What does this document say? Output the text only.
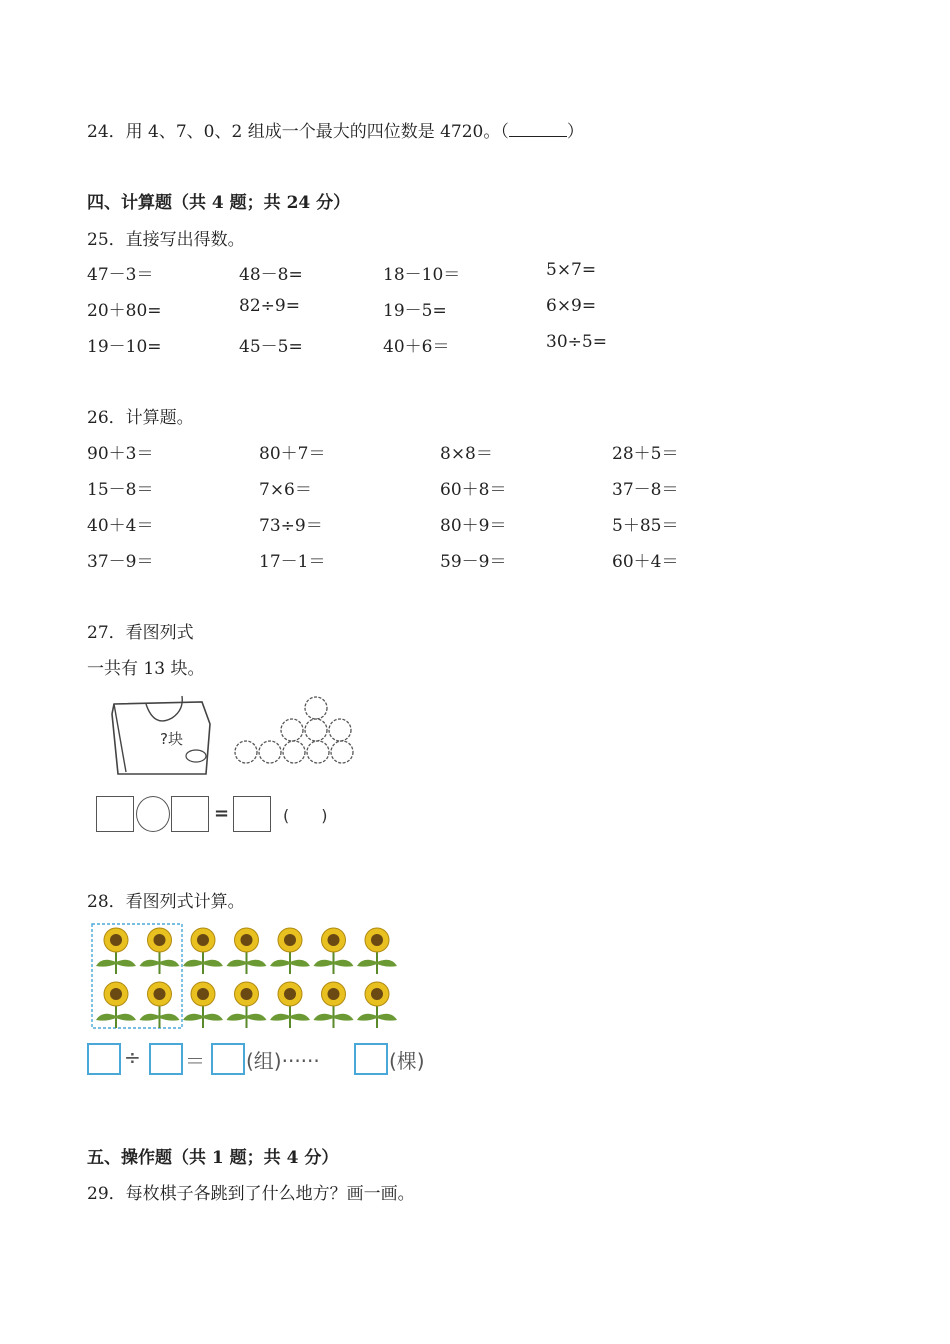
24．用 4、7、0、2 组成一个最大的四位数是 4720。（	）
四、计算题（共 4 题；共 24 分）
25．直接写出得数。
47－3＝	48－8=	18－10＝	5×7=
20＋80=	82÷9=	19－5=	6×9=
19－10=	45－5=	40＋6＝	30÷5=
26．计算题。
90＋3＝	80＋7＝	8×8＝	28＋5＝
15－8＝	7×6＝	60＋8＝	37－8＝
40＋4＝	73÷9＝	80＋9＝	5＋85＝
37－9＝	17－1＝	59－9＝	60＋4＝
27．看图列式
一共有 13 块。
?块
=	(　　)
28．看图列式计算。
÷ ＝ (组)······	(棵)
五、操作题（共 1 题；共 4 分）
29．每枚棋子各跳到了什么地方？画一画。
